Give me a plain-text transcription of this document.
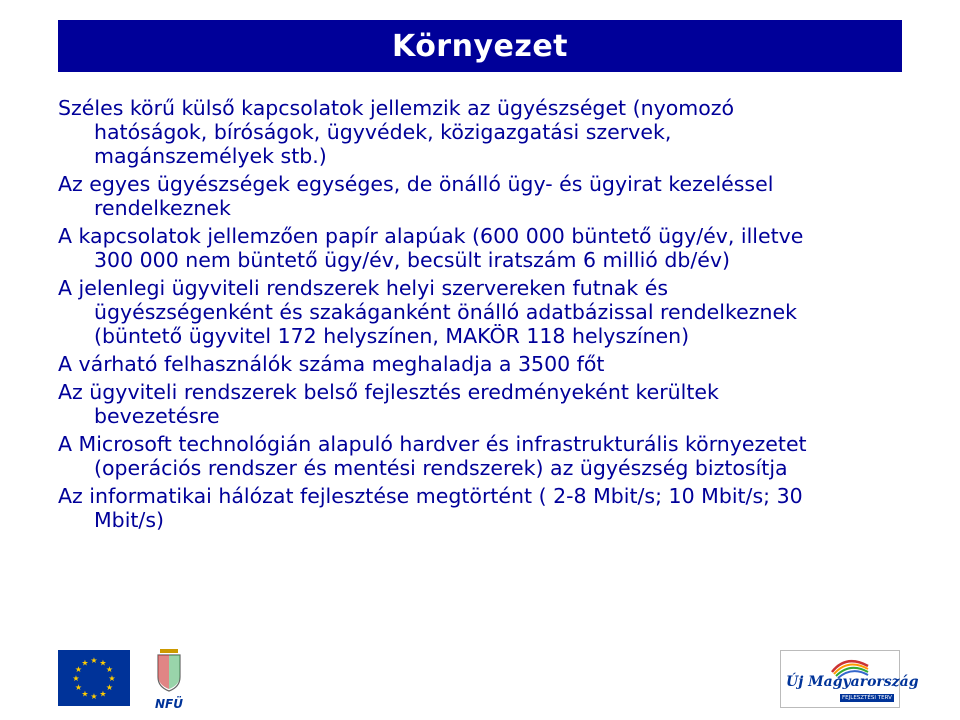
Környezet

Széles körű külső kapcsolatok jellemzik az ügyészséget (nyomozó hatóságok, bíróságok, ügyvédek, közigazgatási szervek, magánszemélyek stb.)

Az egyes ügyészségek egységes, de önálló ügy- és ügyirat kezeléssel rendelkeznek

A kapcsolatok jellemzően papír alapúak (600 000 büntető ügy/év, illetve 300 000 nem büntető ügy/év, becsült iratszám 6 millió db/év)

A jelenlegi ügyviteli rendszerek helyi szervereken futnak és ügyészségenként és szakáganként önálló adatbázissal rendelkeznek (büntető ügyvitel 172 helyszínen, MAKÖR 118 helyszínen)

A várható felhasználók száma meghaladja a 3500 főt

Az ügyviteli rendszerek belső fejlesztés eredményeként kerültek bevezetésre

A Microsoft technológián alapuló hardver és infrastrukturális környezetet (operációs rendszer és mentési rendszerek) az ügyészség biztosítja

Az informatikai hálózat fejlesztése megtörtént ( 2-8 Mbit/s; 10 Mbit/s; 30 Mbit/s)

★ ★
★
★
★
★
★
★
★
★
★
★
NFÜ
Új Magyarország
FEJLESZTÉSI TERV
